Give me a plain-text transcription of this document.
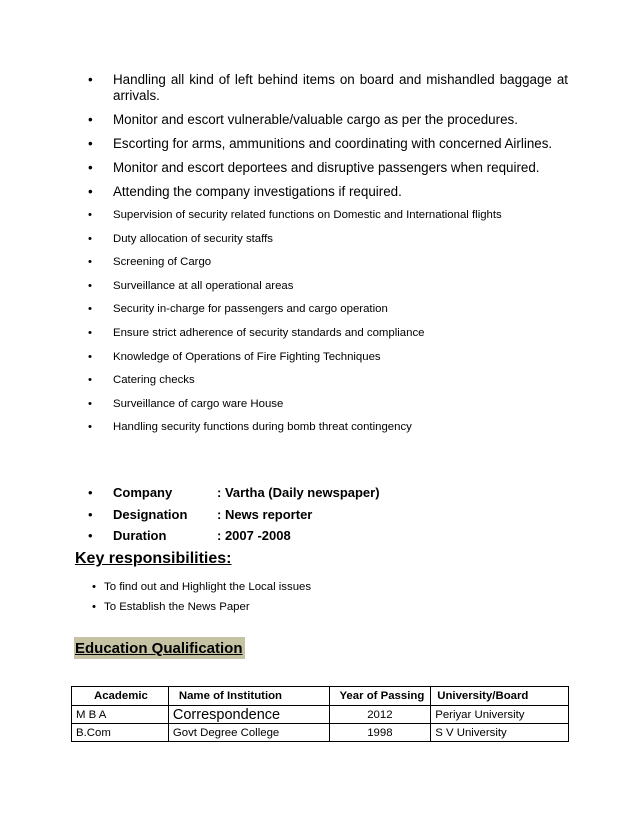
• Handling all kind of left behind items on board and mishandled baggage at arrivals.
• Monitor and escort vulnerable/valuable cargo as per the procedures.
• Escorting for arms, ammunitions and coordinating with concerned Airlines.
• Monitor and escort deportees and disruptive passengers when required.
• Attending the company investigations if required.
• Supervision of security related functions on Domestic and International flights
• Duty allocation of security staffs
• Screening of Cargo
• Surveillance at all operational areas
• Security in-charge for passengers and cargo operation
• Ensure strict adherence of security standards and compliance
• Knowledge of Operations of Fire Fighting Techniques
• Catering checks
• Surveillance of cargo ware House
• Handling security functions during bomb threat contingency
• Company	: Vartha (Daily newspaper)
• Designation : News reporter
• Duration	: 2007 -2008
Key responsibilities:
• To find out and Highlight the Local issues
• To Establish the News Paper
Education Qualification
Academic	Name of Institution	Year of Passing	University/Board
M B A	Correspondence	2012	Periyar University
B.Com	Govt Degree College	1998	S V University
